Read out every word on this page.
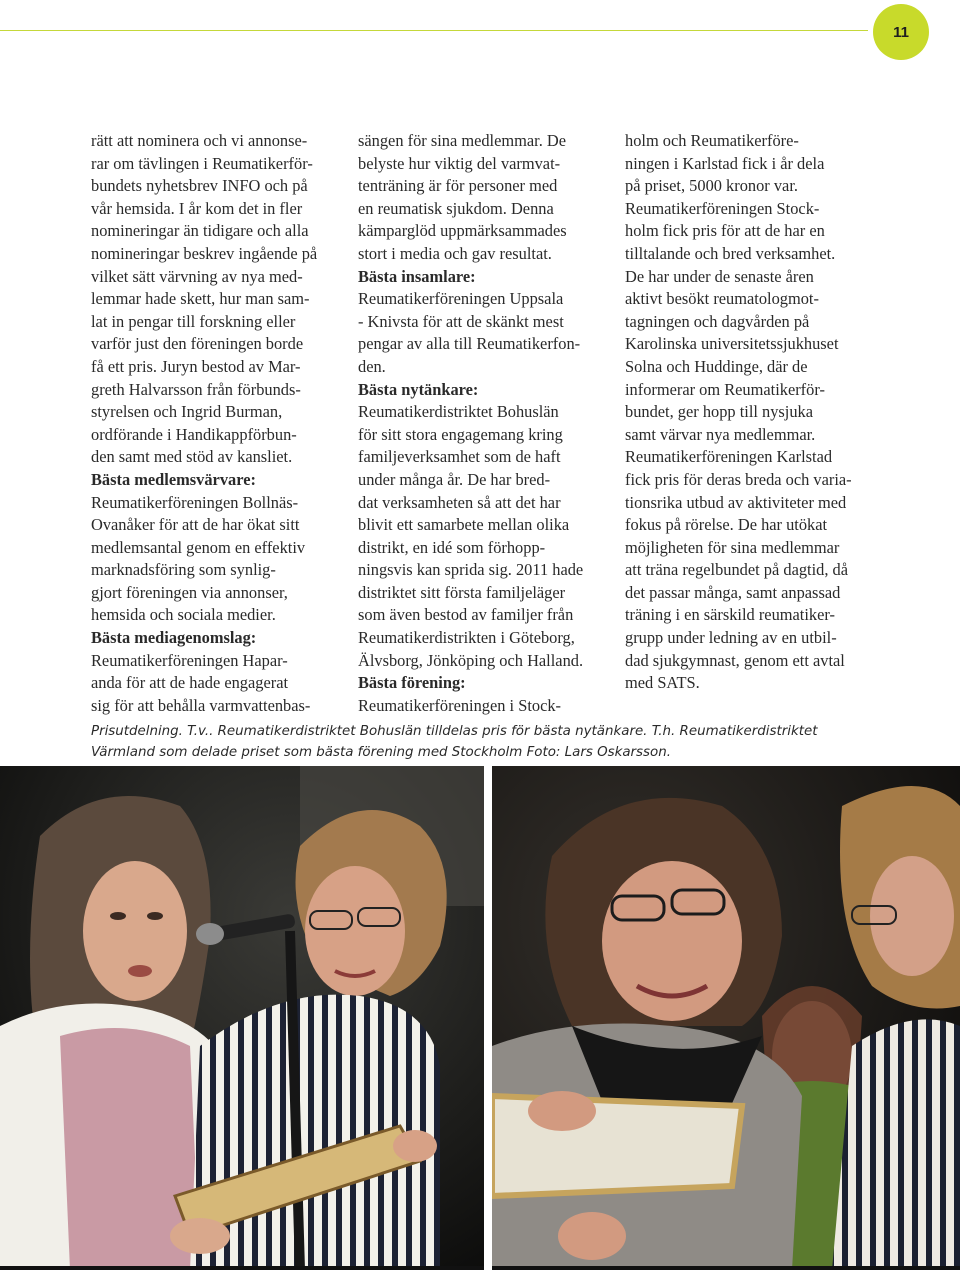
11
rätt att nominera och vi annonse-
rar om tävlingen i Reumatikerför-
bundets nyhetsbrev INFO och på
vår hemsida. I år kom det in fler
nomineringar än tidigare och alla
nomineringar beskrev ingående på
vilket sätt värvning av nya med-
lemmar hade skett, hur man sam-
lat in pengar till forskning eller
varför just den föreningen borde
få ett pris. Juryn bestod av Mar-
greth Halvarsson från förbunds-
styrelsen och Ingrid Burman,
ordförande i Handikappförbun-
den samt med stöd av kansliet.
Bästa medlemsvärvare:
Reumatikerföreningen Bollnäs-
Ovanåker för att de har ökat sitt
medlemsantal genom en effektiv
marknadsföring som synlig-
gjort föreningen via annonser,
hemsida och sociala medier.
Bästa mediagenomslag:
Reumatikerföreningen Hapar-
anda för att de hade engagerat
sig för att behålla varmvattenbas-
sängen för sina medlemmar. De
belyste hur viktig del varmvat-
tenträning är för personer med
en reumatisk sjukdom. Denna
kämparglöd uppmärksammades
stort i media och gav resultat.
Bästa insamlare:
Reumatikerföreningen Uppsala
- Knivsta för att de skänkt mest
pengar av alla till Reumatikerfon-
den.
Bästa nytänkare:
Reumatikerdistriktet Bohuslän
för sitt stora engagemang kring
familjeverksamhet som de haft
under många år. De har bred-
dat verksamheten så att det har
blivit ett samarbete mellan olika
distrikt, en idé som förhopp-
ningsvis kan sprida sig. 2011 hade
distriktet sitt första familjeläger
som även bestod av familjer från
Reumatikerdistrikten i Göteborg,
Älvsborg, Jönköping och Halland.
Bästa förening:
Reumatikerföreningen i Stock-
holm och Reumatikerföre-
ningen i Karlstad fick i år dela
på priset, 5000 kronor var.
Reumatikerföreningen Stock-
holm fick pris för att de har en
tilltalande och bred verksamhet.
De har under de senaste åren
aktivt besökt reumatologmot-
tagningen och dagvården på
Karolinska universitetssjukhuset
Solna och Huddinge, där de
informerar om Reumatikerför-
bundet, ger hopp till nysjuka
samt värvar nya medlemmar.
Reumatikerföreningen Karlstad
fick pris för deras breda och varia-
tionsrika utbud av aktiviteter med
fokus på rörelse. De har utökat
möjligheten för sina medlemmar
att träna regelbundet på dagtid, då
det passar många, samt anpassad
träning i en särskild reumatiker-
grupp under ledning av en utbil-
dad sjukgymnast, genom ett avtal
med SATS.
Prisutdelning. T.v.. Reumatikerdistriktet Bohuslän tilldelas pris för bästa nytänkare. T.h. Reumatikerdistriktet
Värmland som delade priset som bästa förening med Stockholm Foto: Lars Oskarsson.
